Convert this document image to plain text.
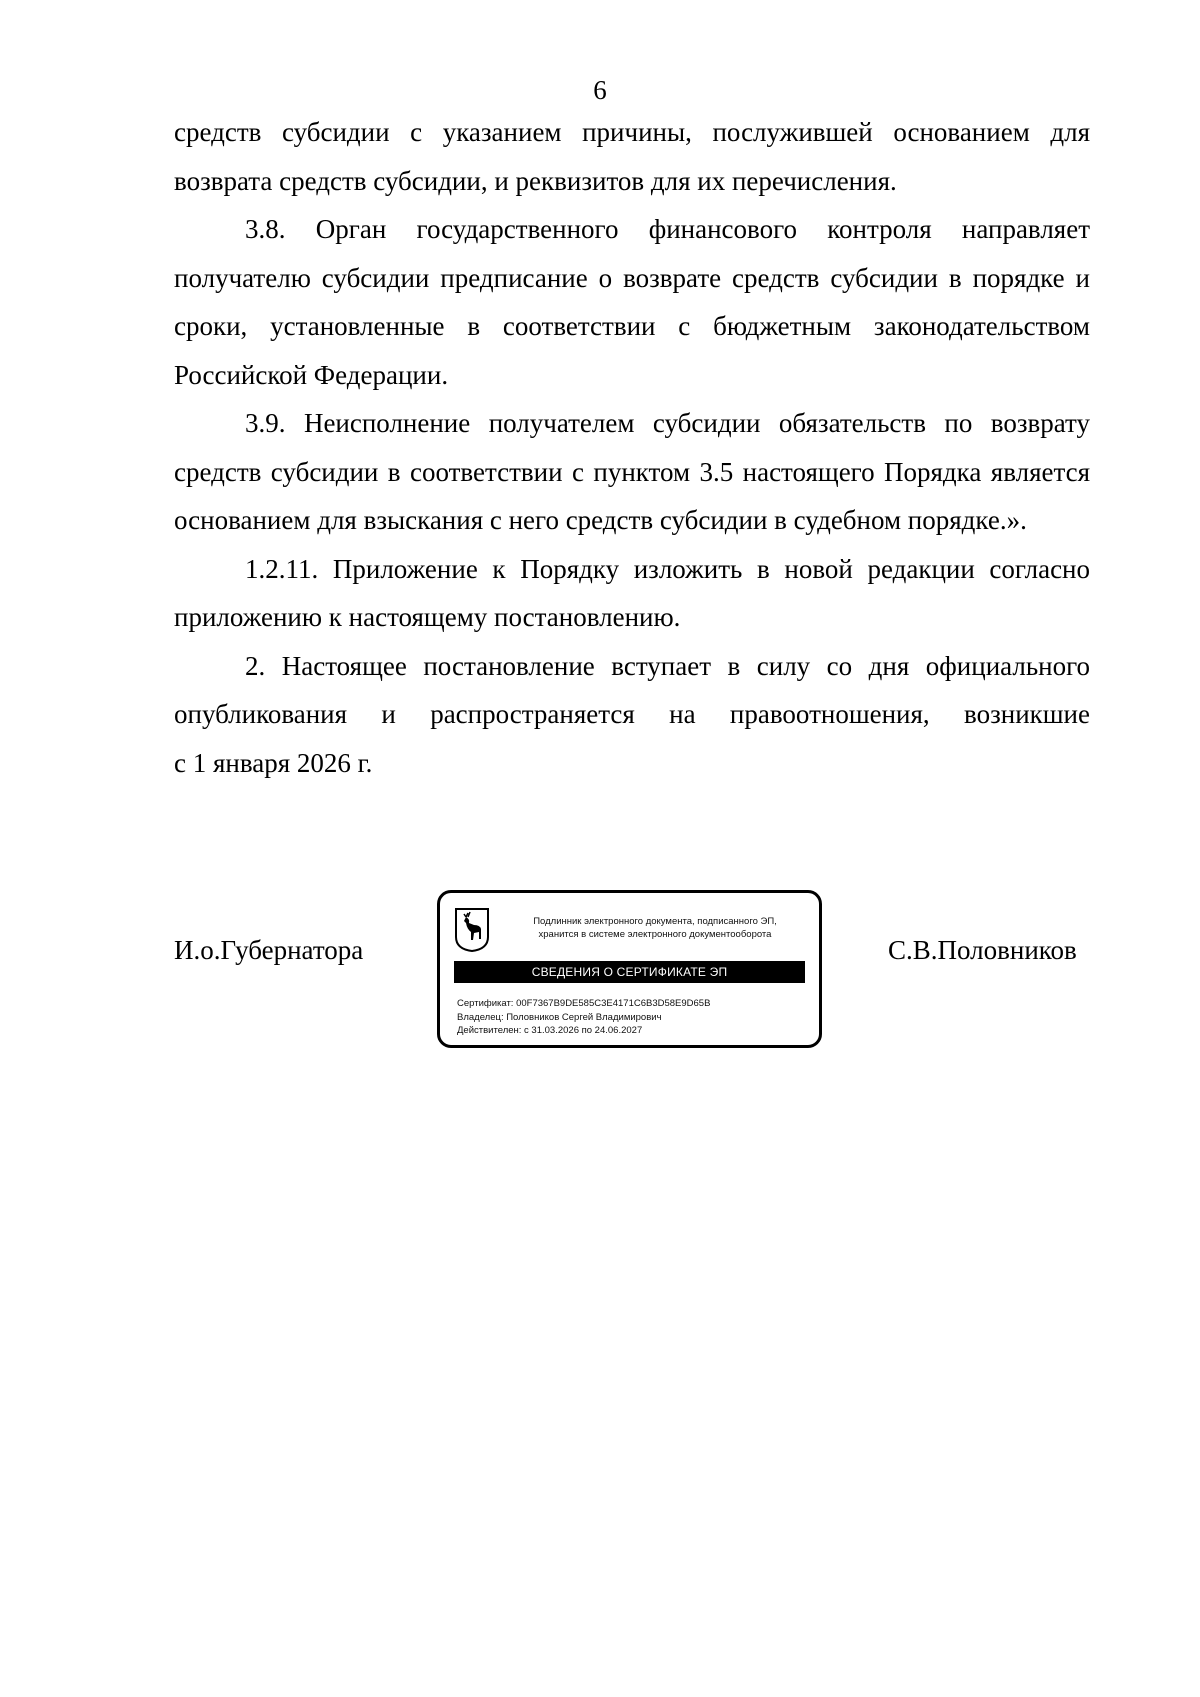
6

средств субсидии с указанием причины, послужившей основанием для возврата средств субсидии, и реквизитов для их перечисления.

3.8. Орган государственного финансового контроля направляет получателю субсидии предписание о возврате средств субсидии в порядке и сроки, установленные в соответствии с бюджетным законодательством Российской Федерации.

3.9. Неисполнение получателем субсидии обязательств по возврату средств субсидии в соответствии с пунктом 3.5 настоящего Порядка является основанием для взыскания с него средств субсидии в судебном порядке.».

1.2.11. Приложение к Порядку изложить в новой редакции согласно приложению к настоящему постановлению.

2. Настоящее постановление вступает в силу со дня официального опубликования и распространяется на правоотношения, возникшие

с 1 января 2026 г.

И.о.Губернатора
Подлинник электронного документа, подписанного ЭП,
хранится в системе электронного документооборота
СВЕДЕНИЯ О СЕРТИФИКАТЕ ЭП
Сертификат: 00F7367B9DE585C3E4171C6B3D58E9D65B
Владелец: Половников Сергей Владимирович
Действителен: с 31.03.2026 по 24.06.2027
С.В.Половников
